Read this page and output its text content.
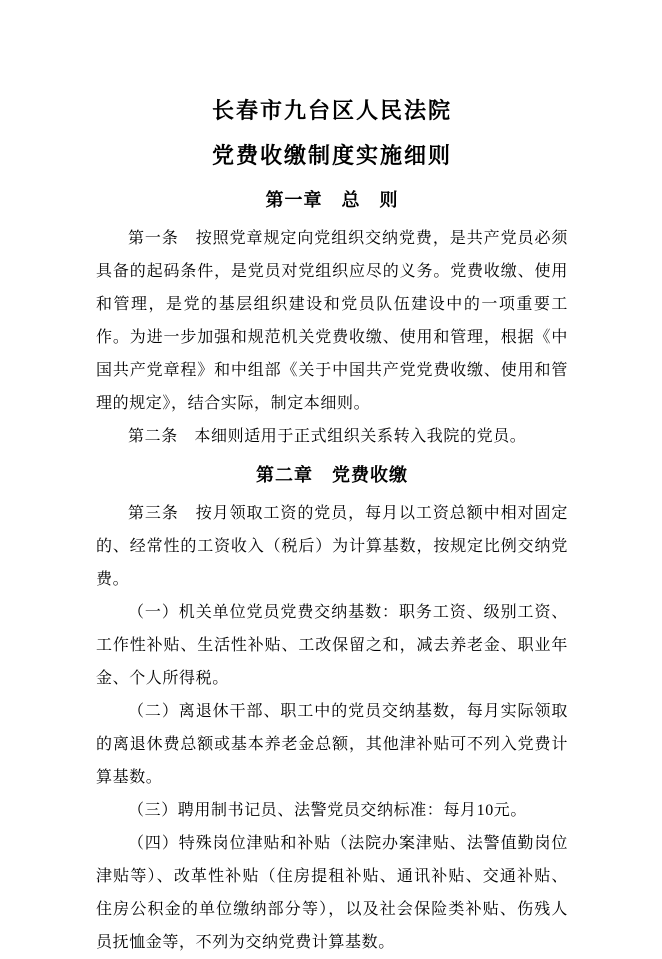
长春市九台区人民法院
党费收缴制度实施细则
第一章　总　则

第一条　按照党章规定向党组织交纳党费，是共产党员必须具备的起码条件，是党员对党组织应尽的义务。党费收缴、使用和管理，是党的基层组织建设和党员队伍建设中的一项重要工作。为进一步加强和规范机关党费收缴、使用和管理，根据《中国共产党章程》和中组部《关于中国共产党党费收缴、使用和管理的规定》，结合实际，制定本细则。

第二条　本细则适用于正式组织关系转入我院的党员。

第二章　党费收缴

第三条　按月领取工资的党员，每月以工资总额中相对固定的、经常性的工资收入（税后）为计算基数，按规定比例交纳党费。

（一）机关单位党员党费交纳基数：职务工资、级别工资、工作性补贴、生活性补贴、工改保留之和，减去养老金、职业年金、个人所得税。

（二）离退休干部、职工中的党员交纳基数，每月实际领取的离退休费总额或基本养老金总额，其他津补贴可不列入党费计算基数。

（三）聘用制书记员、法警党员交纳标准：每月10元。

（四）特殊岗位津贴和补贴（法院办案津贴、法警值勤岗位津贴等）、改革性补贴（住房提租补贴、通讯补贴、交通补贴、住房公积金的单位缴纳部分等），以及社会保险类补贴、伤残人员抚恤金等，不列为交纳党费计算基数。
